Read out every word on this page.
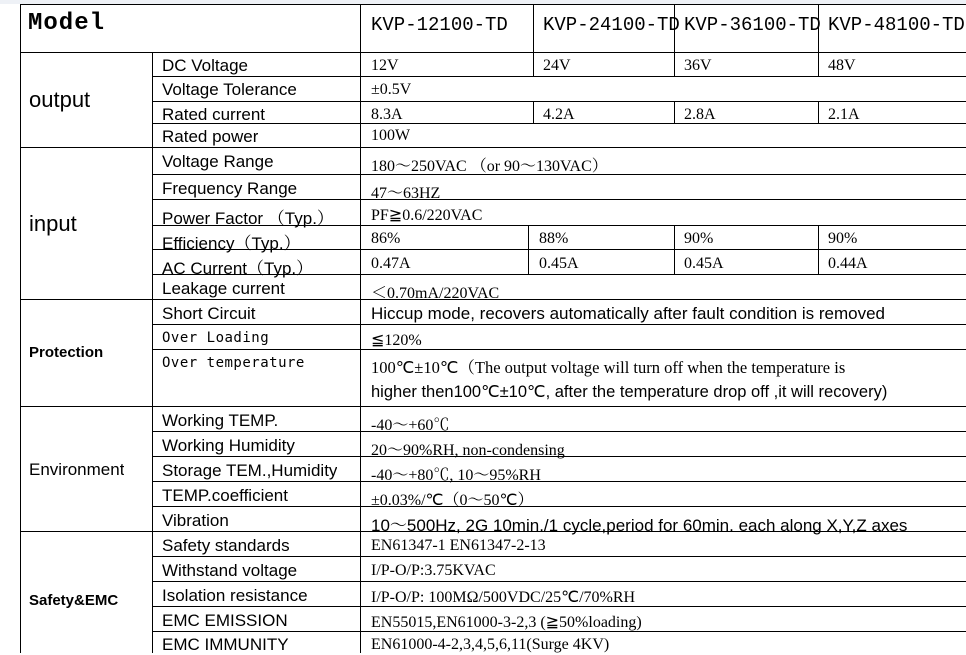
Model	KVP-12100-TD KVP-24100-TD KVP-36100-TD KVP-48100-TD
output
input
Protection
Environment
Safety&EMC
DC Voltage	12V	24V	36V	48V
Voltage Tolerance	±0.5V
Rated current	8.3A	4.2A	2.8A	2.1A
Rated power	100W
Voltage Range	180～250VAC （or 90～130VAC）
Frequency Range	47～63HZ
Power Factor （Typ.） PF≧0.6/220VAC
Efficiency（Typ.）	86%	88%	90%	90%
AC Current（Typ.）	0.47A	0.45A	0.45A	0.44A
Leakage current	＜0.70mA/220VAC
Short Circuit	Hiccup mode, recovers automatically after fault condition is removed
Over Loading	≦120%
Over temperature	100℃±10℃（The output voltage will turn off when the temperature is
higher then100℃±10℃, after the temperature drop off ,it will recovery)
Working TEMP.	-40～+60℃
Working Humidity	20～90%RH, non-condensing
Storage TEM.,Humidity -40～+80℃, 10～95%RH
TEMP.coefficient	±0.03%/℃（0～50℃）
Vibration	10～500Hz, 2G 10min./1 cycle,period for 60min. each along X,Y,Z axes
Safety standards	EN61347-1 EN61347-2-13
Withstand voltage	I/P-O/P:3.75KVAC
Isolation resistance	I/P-O/P: 100MΩ/500VDC/25℃/70%RH
EMC EMISSION	EN55015,EN61000-3-2,3 (≧50%loading)
EMC IMMUNITY	EN61000-4-2,3,4,5,6,11(Surge 4KV)
